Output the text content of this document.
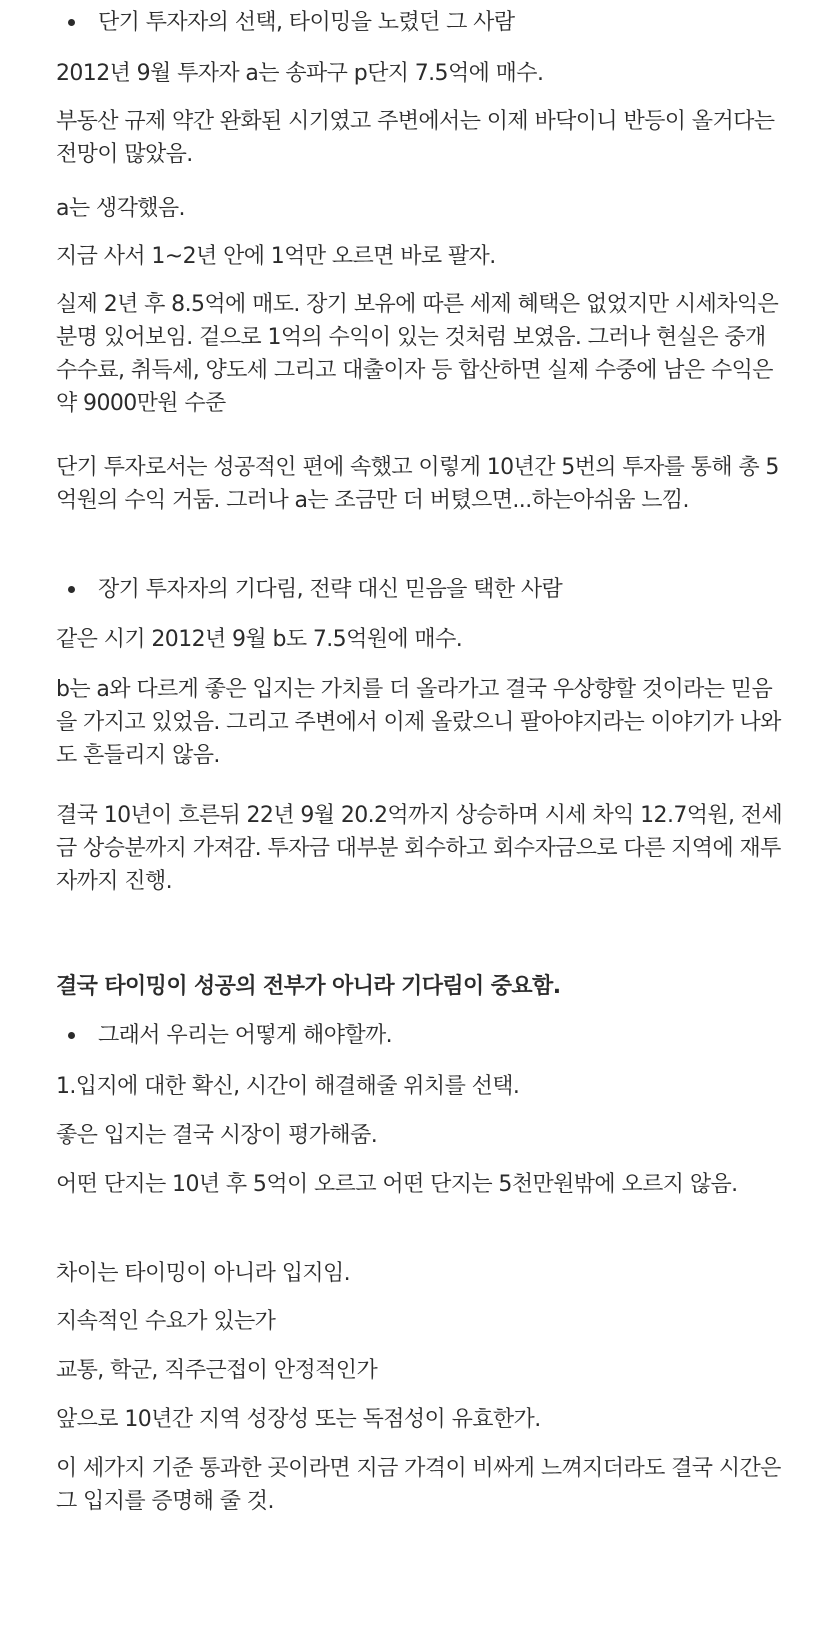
단기 투자자의 선택, 타이밍을 노렸던 그 사람

2012년 9월 투자자 a는 송파구 p단지 7.5억에 매수.

부동산 규제 약간 완화된 시기였고 주변에서는 이제 바닥이니 반등이 올거다는 전망이 많았음.

a는 생각했음.

지금 사서 1~2년 안에 1억만 오르면 바로 팔자.

실제 2년 후 8.5억에 매도. 장기 보유에 따른 세제 혜택은 없었지만 시세차익은 분명 있어보임. 겉으로 1억의 수익이 있는 것처럼 보였음. 그러나 현실은 중개수수료, 취득세, 양도세 그리고 대출이자 등 합산하면 실제 수중에 남은 수익은 약 9000만원 수준

단기 투자로서는 성공적인 편에 속했고 이렇게 10년간 5번의 투자를 통해 총 5억원의 수익 거둠. 그러나 a는 조금만 더 버텼으면...하는아쉬움 느낌.

장기 투자자의 기다림, 전략 대신 믿음을 택한 사람

같은 시기 2012년 9월 b도 7.5억원에 매수.

b는 a와 다르게 좋은 입지는 가치를 더 올라가고 결국 우상향할 것이라는 믿음을 가지고 있었음. 그리고 주변에서 이제 올랐으니 팔아야지라는 이야기가 나와도 흔들리지 않음.

결국 10년이 흐른뒤 22년 9월 20.2억까지 상승하며 시세 차익 12.7억원, 전세금 상승분까지 가져감. 투자금 대부분 회수하고 회수자금으로 다른 지역에 재투자까지 진행.

결국 타이밍이 성공의 전부가 아니라 기다림이 중요함.

그래서 우리는 어떻게 해야할까.

1.입지에 대한 확신, 시간이 해결해줄 위치를 선택.

좋은 입지는 결국 시장이 평가해줌.

어떤 단지는 10년 후 5억이 오르고 어떤 단지는 5천만원밖에 오르지 않음.

차이는 타이밍이 아니라 입지임.

지속적인 수요가 있는가

교통, 학군, 직주근접이 안정적인가

앞으로 10년간 지역 성장성 또는 독점성이 유효한가.

이 세가지 기준 통과한 곳이라면 지금 가격이 비싸게 느껴지더라도 결국 시간은 그 입지를 증명해 줄 것.
